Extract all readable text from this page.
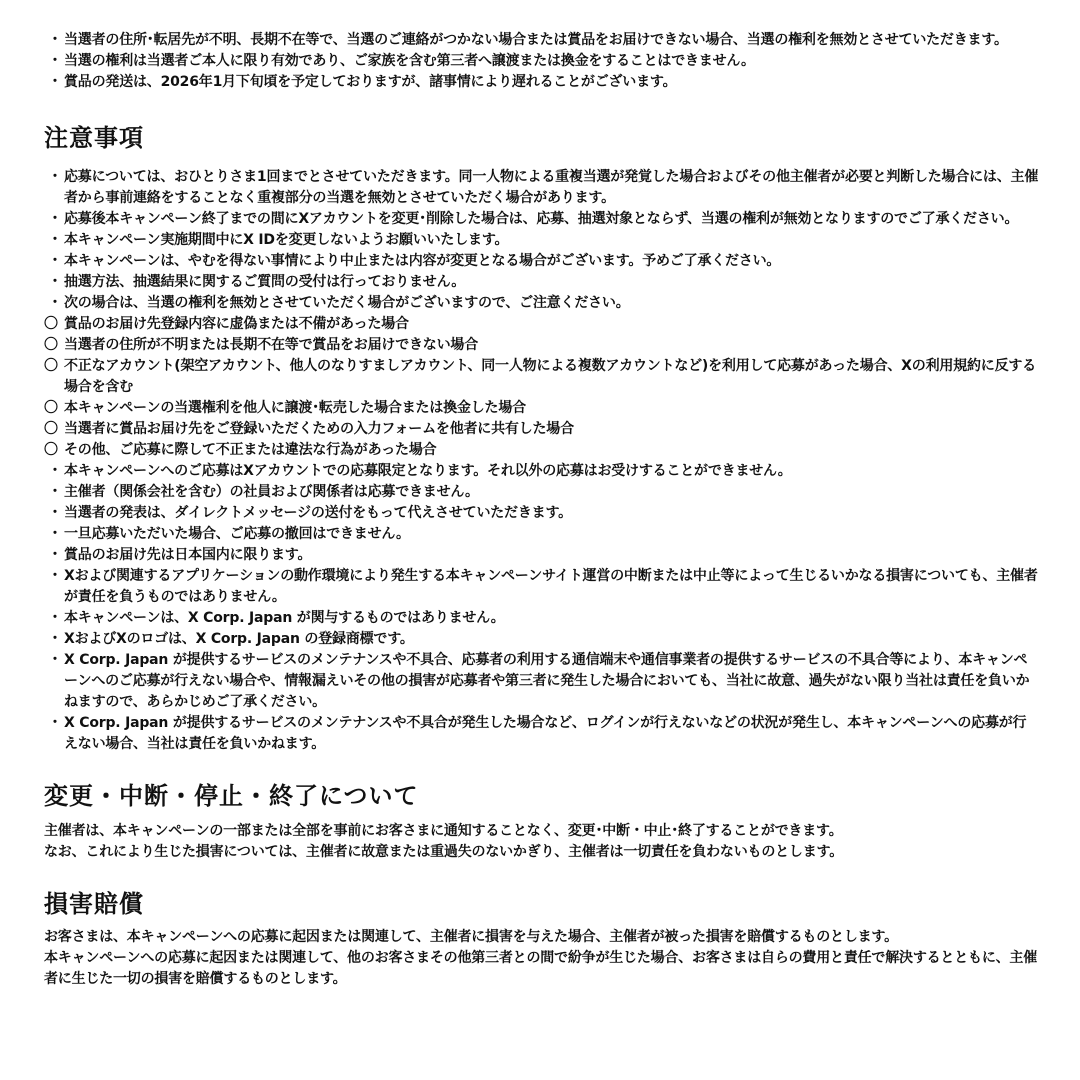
・ 当選者の住所･転居先が不明、長期不在等で、当選のご連絡がつかない場合または賞品をお届けできない場合、当選の権利を無効とさせていただきます。
・ 当選の権利は当選者ご本人に限り有効であり、ご家族を含む第三者へ譲渡または換金をすることはできません。
・ 賞品の発送は、2026年1月下旬頃を予定しておりますが、諸事情により遅れることがございます。
注意事項
・ 応募については、おひとりさま1回までとさせていただきます。同一人物による重複当選が発覚した場合およびその他主催者が必要と判断した場合には、主催者から事前連絡をすることなく重複部分の当選を無効とさせていただく場合があります。
・ 応募後本キャンペーン終了までの間にXアカウントを変更･削除した場合は、応募、抽選対象とならず、当選の権利が無効となりますのでご了承ください。
・ 本キャンペーン実施期間中にX IDを変更しないようお願いいたします。
・ 本キャンペーンは、やむを得ない事情により中止または内容が変更となる場合がございます。予めご了承ください。
・ 抽選方法、抽選結果に関するご質問の受付は行っておりません。
・ 次の場合は、当選の権利を無効とさせていただく場合がございますので、ご注意ください。
〇 賞品のお届け先登録内容に虚偽または不備があった場合
〇 当選者の住所が不明または長期不在等で賞品をお届けできない場合
〇 不正なアカウント(架空アカウント、他人のなりすましアカウント、同一人物による複数アカウントなど)を利用して応募があった場合、Xの利用規約に反する場合を含む
〇 本キャンペーンの当選権利を他人に譲渡･転売した場合または換金した場合
〇 当選者に賞品お届け先をご登録いただくための入力フォームを他者に共有した場合
〇 その他、ご応募に際して不正または違法な行為があった場合
・ 本キャンペーンへのご応募はXアカウントでの応募限定となります。それ以外の応募はお受けすることができません。
・ 主催者（関係会社を含む）の社員および関係者は応募できません。
・ 当選者の発表は、ダイレクトメッセージの送付をもって代えさせていただきます。
・ 一旦応募いただいた場合、ご応募の撤回はできません。
・ 賞品のお届け先は日本国内に限ります。
・ Xおよび関連するアプリケーションの動作環境により発生する本キャンペーンサイト運営の中断または中止等によって生じるいかなる損害についても、主催者が責任を負うものではありません。
・ 本キャンペーンは、X Corp. Japan が関与するものではありません。
・ XおよびXのロゴは、X Corp. Japan の登録商標です。
・ X Corp. Japan が提供するサービスのメンテナンスや不具合、応募者の利用する通信端末や通信事業者の提供するサービスの不具合等により、本キャンペーンへのご応募が行えない場合や、情報漏えいその他の損害が応募者や第三者に発生した場合においても、当社に故意、過失がない限り当社は責任を負いかねますので、あらかじめご了承ください。
・ X Corp. Japan が提供するサービスのメンテナンスや不具合が発生した場合など、ログインが行えないなどの状況が発生し、本キャンペーンへの応募が行えない場合、当社は責任を負いかねます。
変更・中断・停止・終了について

主催者は、本キャンペーンの一部または全部を事前にお客さまに通知することなく、変更･中断・中止･終了することができます。

なお、これにより生じた損害については、主催者に故意または重過失のないかぎり、主催者は一切責任を負わないものとします。

損害賠償

お客さまは、本キャンペーンへの応募に起因または関連して、主催者に損害を与えた場合、主催者が被った損害を賠償するものとします。

本キャンペーンへの応募に起因または関連して、他のお客さまその他第三者との間で紛争が生じた場合、お客さまは自らの費用と責任で解決するとともに、主催者に生じた一切の損害を賠償するものとします。
